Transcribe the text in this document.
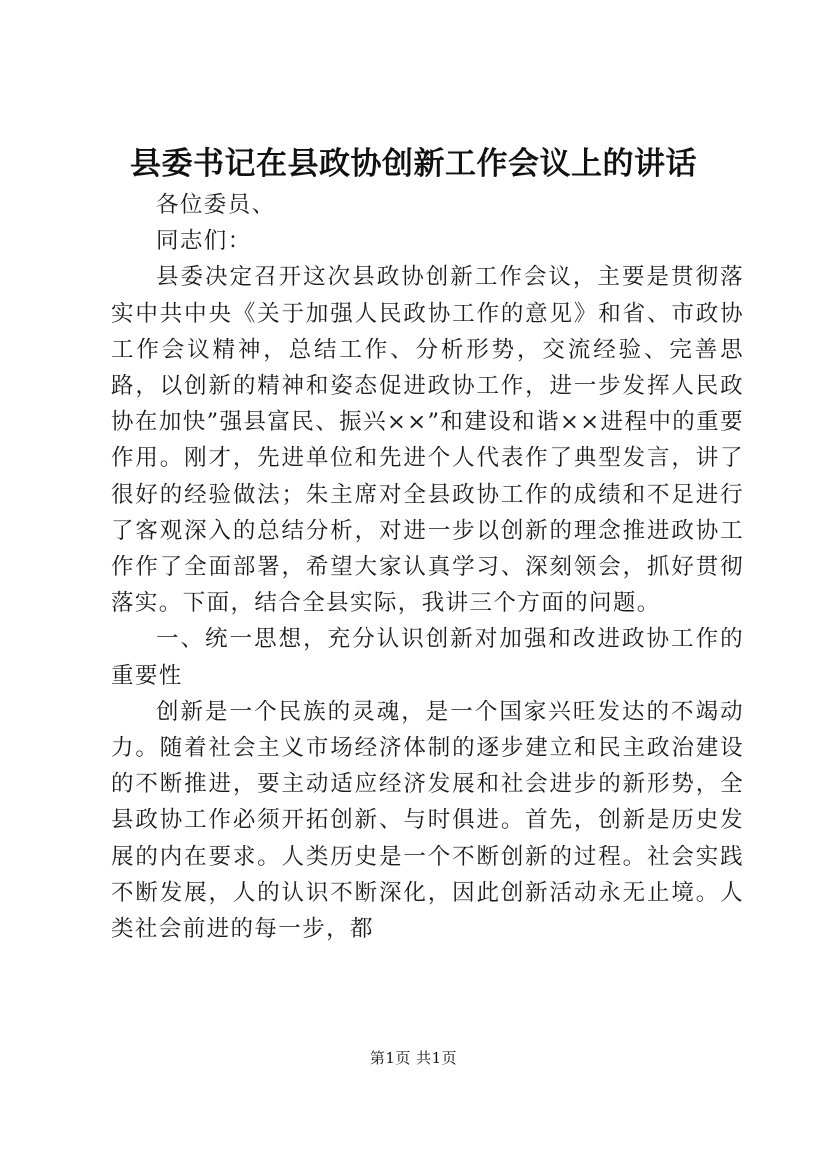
县委书记在县政协创新工作会议上的讲话

各位委员、

同志们：

县委决定召开这次县政协创新工作会议，主要是贯彻落实中共中央《关于加强人民政协工作的意见》和省、市政协工作会议精神，总结工作、分析形势，交流经验、完善思路，以创新的精神和姿态促进政协工作，进一步发挥人民政协在加快”强县富民、振兴××”和建设和谐××进程中的重要作用。刚才，先进单位和先进个人代表作了典型发言，讲了很好的经验做法；朱主席对全县政协工作的成绩和不足进行了客观深入的总结分析，对进一步以创新的理念推进政协工作作了全面部署，希望大家认真学习、深刻领会，抓好贯彻落实。下面，结合全县实际，我讲三个方面的问题。

一、统一思想，充分认识创新对加强和改进政协工作的重要性

创新是一个民族的灵魂，是一个国家兴旺发达的不竭动力。随着社会主义市场经济体制的逐步建立和民主政治建设的不断推进，要主动适应经济发展和社会进步的新形势，全县政协工作必须开拓创新、与时俱进。首先，创新是历史发展的内在要求。人类历史是一个不断创新的过程。社会实践不断发展，人的认识不断深化，因此创新活动永无止境。人类社会前进的每一步，都

第1页 共1页
